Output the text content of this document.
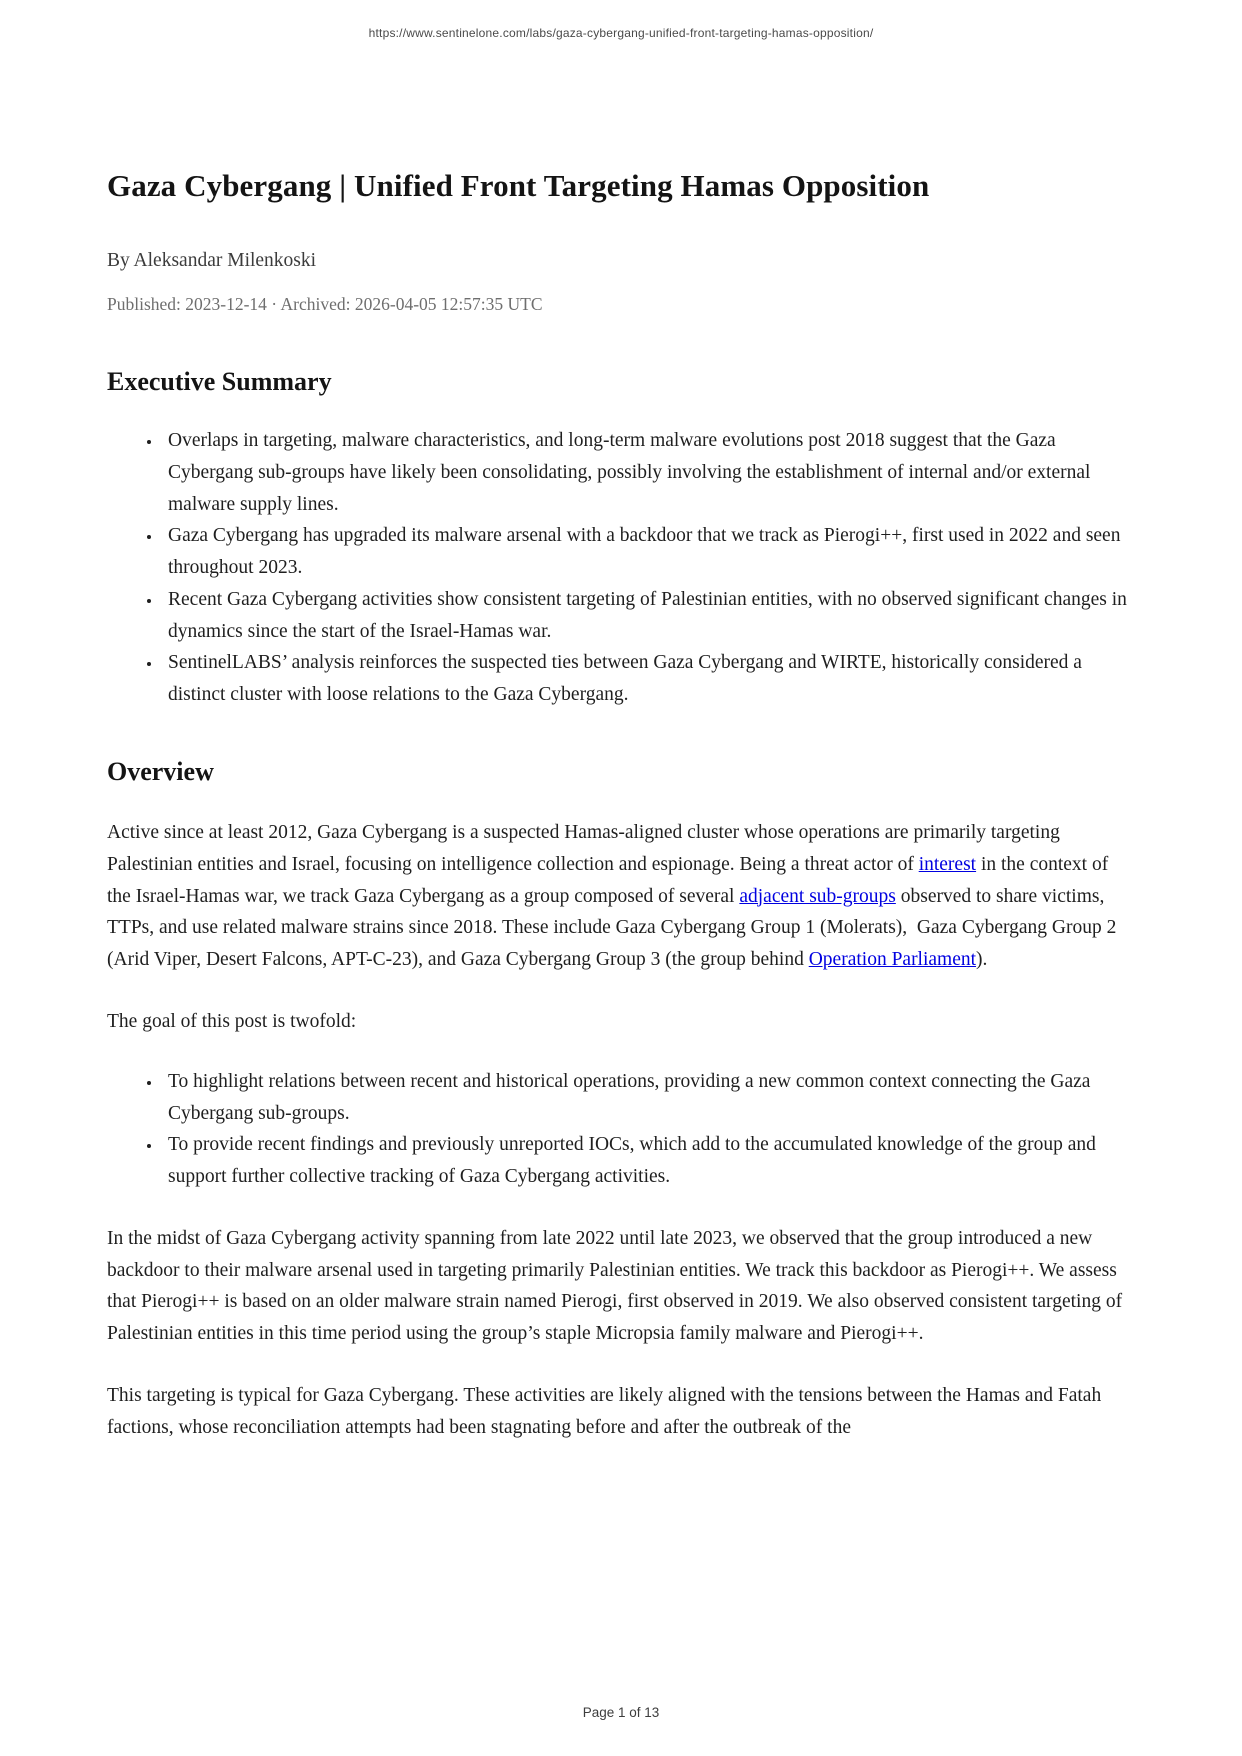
https://www.sentinelone.com/labs/gaza-cybergang-unified-front-targeting-hamas-opposition/
Gaza Cybergang | Unified Front Targeting Hamas Opposition
By Aleksandar Milenkoski
Published: 2023-12-14 · Archived: 2026-04-05 12:57:35 UTC
Executive Summary
• Overlaps in targeting, malware characteristics, and long-term malware evolutions post 2018 suggest that the Gaza Cybergang sub-groups have likely been consolidating, possibly involving the establishment of internal and/or external malware supply lines.
• Gaza Cybergang has upgraded its malware arsenal with a backdoor that we track as Pierogi++, first used in 2022 and seen throughout 2023.
• Recent Gaza Cybergang activities show consistent targeting of Palestinian entities, with no observed significant changes in dynamics since the start of the Israel-Hamas war.
• SentinelLABS’ analysis reinforces the suspected ties between Gaza Cybergang and WIRTE, historically considered a distinct cluster with loose relations to the Gaza Cybergang.
Overview

Active since at least 2012, Gaza Cybergang is a suspected Hamas-aligned cluster whose operations are primarily targeting Palestinian entities and Israel, focusing on intelligence collection and espionage. Being a threat actor of interest in the context of the Israel-Hamas war, we track Gaza Cybergang as a group composed of several adjacent sub-groups observed to share victims, TTPs, and use related malware strains since 2018. These include Gaza Cybergang Group 1 (Molerats),  Gaza Cybergang Group 2 (Arid Viper, Desert Falcons, APT-C-23), and Gaza Cybergang Group 3 (the group behind Operation Parliament).

The goal of this post is twofold:

• To highlight relations between recent and historical operations, providing a new common context connecting the Gaza Cybergang sub-groups.
• To provide recent findings and previously unreported IOCs, which add to the accumulated knowledge of the group and support further collective tracking of Gaza Cybergang activities.

In the midst of Gaza Cybergang activity spanning from late 2022 until late 2023, we observed that the group introduced a new backdoor to their malware arsenal used in targeting primarily Palestinian entities. We track this backdoor as Pierogi++. We assess that Pierogi++ is based on an older malware strain named Pierogi, first observed in 2019. We also observed consistent targeting of Palestinian entities in this time period using the group’s staple Micropsia family malware and Pierogi++.

This targeting is typical for Gaza Cybergang. These activities are likely aligned with the tensions between the Hamas and Fatah factions, whose reconciliation attempts had been stagnating before and after the outbreak of the

Page 1 of 13
